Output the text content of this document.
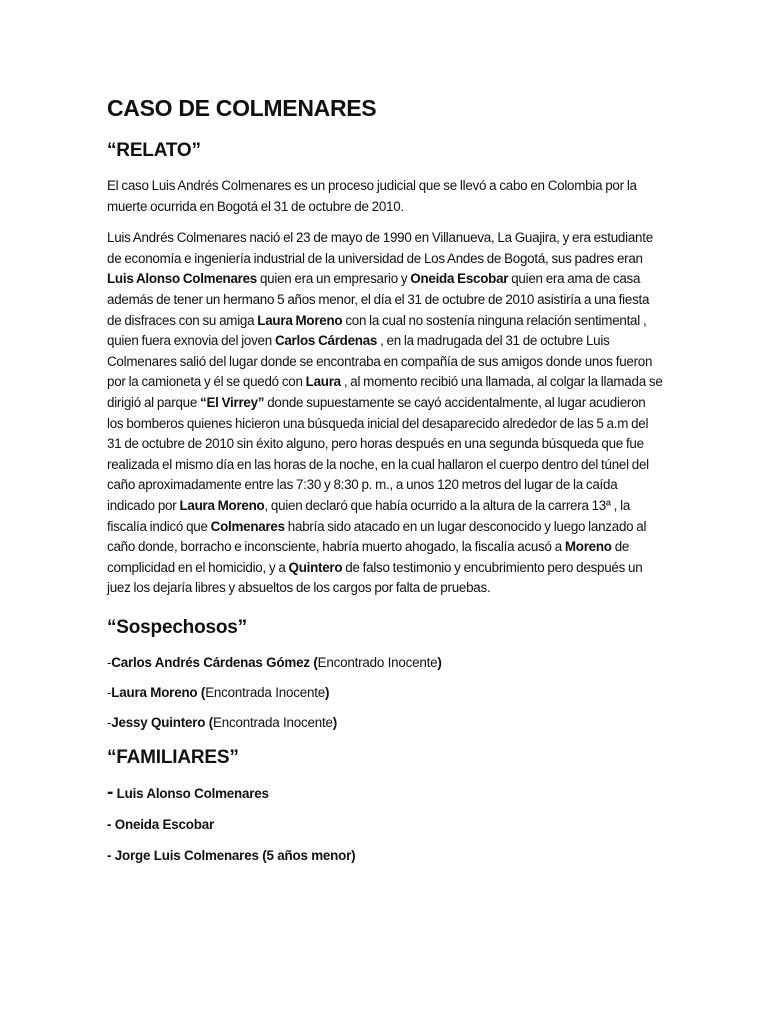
CASO DE COLMENARES
“RELATO”

El caso Luis Andrés Colmenares es un proceso judicial que se llevó a cabo en Colombia por la muerte ocurrida en Bogotá el 31 de octubre de 2010.

Luis Andrés Colmenares nació el 23 de mayo de 1990 en Villanueva, La Guajira, y era estudiante de economía e ingeniería industrial de la universidad de Los Andes de Bogotá, sus padres eran Luis Alonso Colmenares quien era un empresario y Oneida Escobar quien era ama de casa además de tener un hermano 5 años menor, el día el 31 de octubre de 2010 asistiría a una fiesta de disfraces con su amiga Laura Moreno con la cual no sostenía ninguna relación sentimental , quien fuera exnovia del joven Carlos Cárdenas , en la madrugada del 31 de octubre Luis Colmenares salió del lugar donde se encontraba en compañía de sus amigos donde unos fueron por la camioneta y él se quedó con Laura , al momento recibió una llamada, al colgar la llamada se dirigió al parque “El Virrey” donde supuestamente se cayó accidentalmente, al lugar acudieron los bomberos quienes hicieron una búsqueda inicial del desaparecido alrededor de las 5 a.m del 31 de octubre de 2010 sin éxito alguno, pero horas después en una segunda búsqueda que fue realizada el mismo día en las horas de la noche, en la cual hallaron el cuerpo dentro del túnel del caño aproximadamente entre las 7:30 y 8:30 p. m., a unos 120 metros del lugar de la caída indicado por Laura Moreno, quien declaró que había ocurrido a la altura de la carrera 13ª , la fiscalía indicó que Colmenares habría sido atacado en un lugar desconocido y luego lanzado al caño donde, borracho e inconsciente, habría muerto ahogado, la fiscalía acusó a Moreno de complicidad en el homicidio, y a Quintero de falso testimonio y encubrimiento pero después un juez los dejaría libres y absueltos de los cargos por falta de pruebas.

“Sospechosos”
-Carlos Andrés Cárdenas Gómez (Encontrado Inocente)
-Laura Moreno (Encontrada Inocente)
-Jessy Quintero (Encontrada Inocente)
“FAMILIARES”
- Luis Alonso Colmenares
- Oneida Escobar
- Jorge Luis Colmenares (5 años menor)
